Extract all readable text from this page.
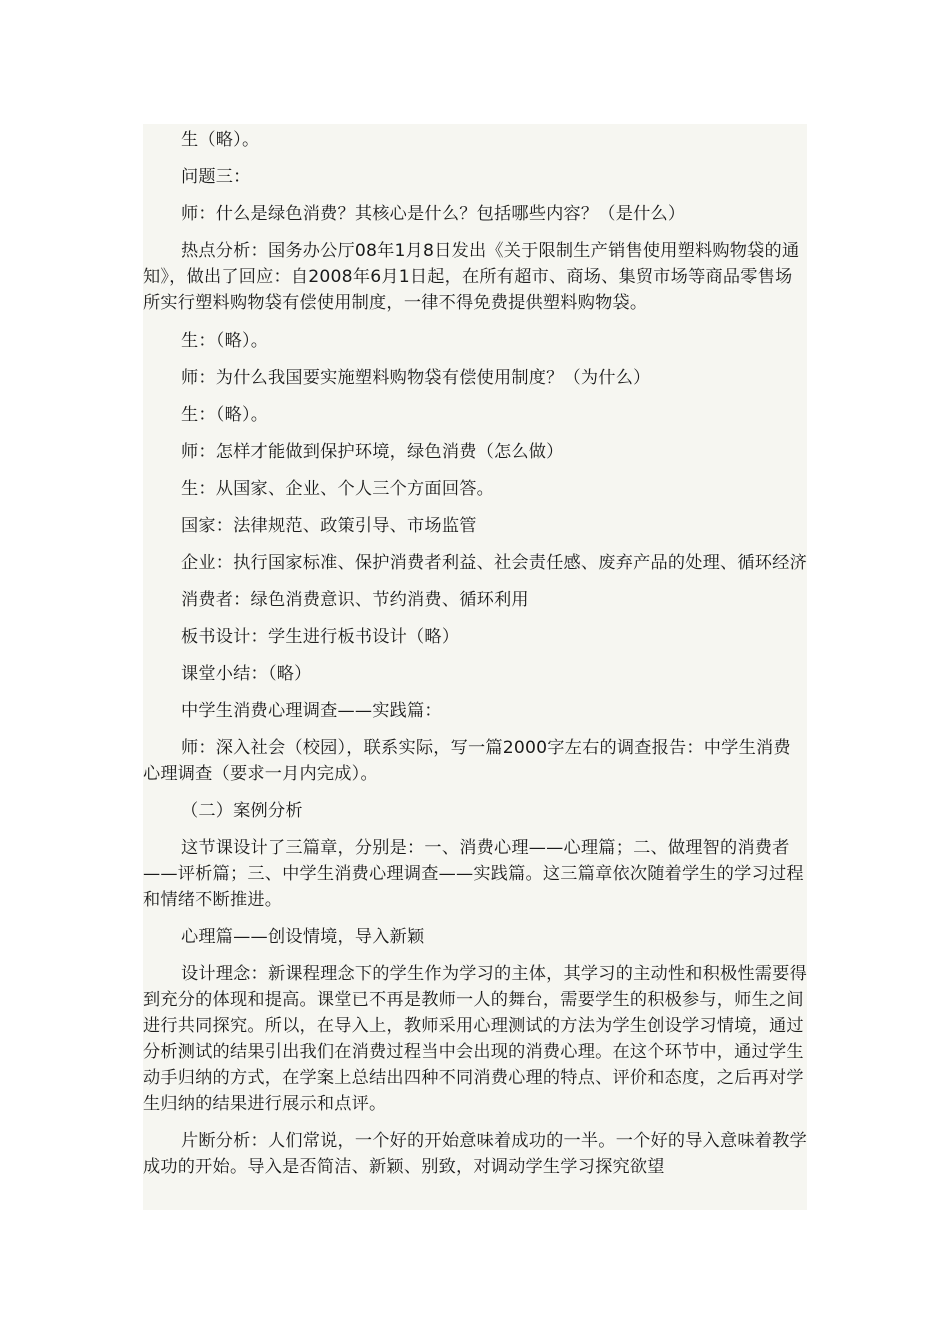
生（略）。

问题三：

师：什么是绿色消费？其核心是什么？包括哪些内容？（是什么）

热点分析：国务办公厅08年1月8日发出《关于限制生产销售使用塑料购物袋的通知》，做出了回应：自2008年6月1日起，在所有超市、商场、集贸市场等商品零售场所实行塑料购物袋有偿使用制度，一律不得免费提供塑料购物袋。

生：（略）。

师：为什么我国要实施塑料购物袋有偿使用制度？（为什么）

生：（略）。

师：怎样才能做到保护环境，绿色消费（怎么做）

生：从国家、企业、个人三个方面回答。

国家：法律规范、政策引导、市场监管

企业：执行国家标准、保护消费者利益、社会责任感、废弃产品的处理、循环经济

消费者：绿色消费意识、节约消费、循环利用

板书设计：学生进行板书设计（略）

课堂小结：（略）

中学生消费心理调查——实践篇：

师：深入社会（校园），联系实际，写一篇2000字左右的调查报告：中学生消费心理调查（要求一月内完成）。

（二）案例分析

这节课设计了三篇章，分别是：一、消费心理——心理篇；二、做理智的消费者——评析篇；三、中学生消费心理调查——实践篇。这三篇章依次随着学生的学习过程和情绪不断推进。

心理篇——创设情境，导入新颖

设计理念：新课程理念下的学生作为学习的主体，其学习的主动性和积极性需要得到充分的体现和提高。课堂已不再是教师一人的舞台，需要学生的积极参与，师生之间进行共同探究。所以，在导入上，教师采用心理测试的方法为学生创设学习情境，通过分析测试的结果引出我们在消费过程当中会出现的消费心理。在这个环节中，通过学生动手归纳的方式，在学案上总结出四种不同消费心理的特点、评价和态度，之后再对学生归纳的结果进行展示和点评。

片断分析：人们常说，一个好的开始意味着成功的一半。一个好的导入意味着教学成功的开始。导入是否简洁、新颖、别致，对调动学生学习探究欲望
